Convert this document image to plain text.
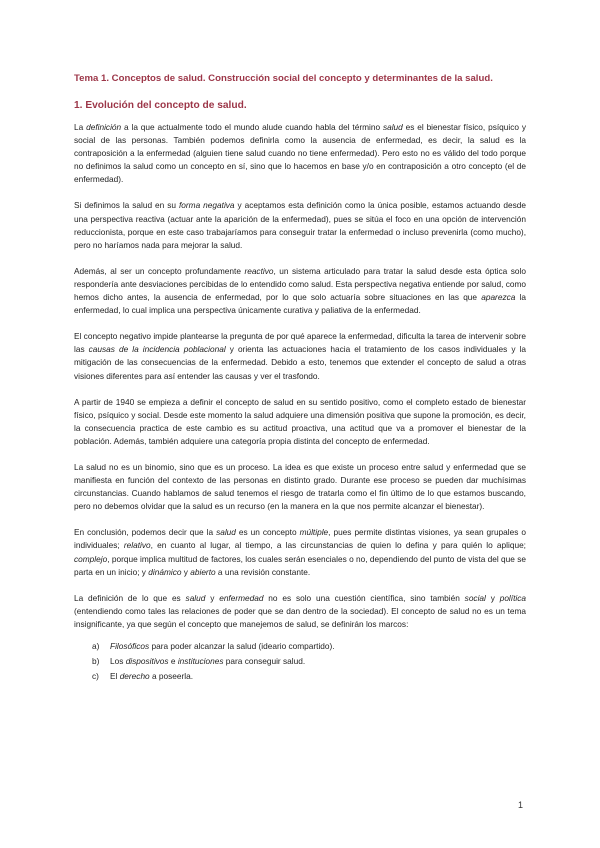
Tema 1. Conceptos de salud. Construcción social del concepto y determinantes de la salud.
1. Evolución del concepto de salud.

La definición a la que actualmente todo el mundo alude cuando habla del término salud es el bienestar físico, psíquico y social de las personas. También podemos definirla como la ausencia de enfermedad, es decir, la salud es la contraposición a la enfermedad (alguien tiene salud cuando no tiene enfermedad). Pero esto no es válido del todo porque no definimos la salud como un concepto en sí, sino que lo hacemos en base y/o en contraposición a otro concepto (el de enfermedad).

Si definimos la salud en su forma negativa y aceptamos esta definición como la única posible, estamos actuando desde una perspectiva reactiva (actuar ante la aparición de la enfermedad), pues se sitúa el foco en una opción de intervención reduccionista, porque en este caso trabajaríamos para conseguir tratar la enfermedad o incluso prevenirla (como mucho), pero no haríamos nada para mejorar la salud.

Además, al ser un concepto profundamente reactivo, un sistema articulado para tratar la salud desde esta óptica solo respondería ante desviaciones percibidas de lo entendido como salud. Esta perspectiva negativa entiende por salud, como hemos dicho antes, la ausencia de enfermedad, por lo que solo actuaría sobre situaciones en las que aparezca la enfermedad, lo cual implica una perspectiva únicamente curativa y paliativa de la enfermedad.

El concepto negativo impide plantearse la pregunta de por qué aparece la enfermedad, dificulta la tarea de intervenir sobre las causas de la incidencia poblacional y orienta las actuaciones hacia el tratamiento de los casos individuales y la mitigación de las consecuencias de la enfermedad. Debido a esto, tenemos que extender el concepto de salud a otras visiones diferentes para así entender las causas y ver el trasfondo.

A partir de 1940 se empieza a definir el concepto de salud en su sentido positivo, como el completo estado de bienestar físico, psíquico y social. Desde este momento la salud adquiere una dimensión positiva que supone la promoción, es decir, la consecuencia practica de este cambio es su actitud proactiva, una actitud que va a promover el bienestar de la población. Además, también adquiere una categoría propia distinta del concepto de enfermedad.

La salud no es un binomio, sino que es un proceso. La idea es que existe un proceso entre salud y enfermedad que se manifiesta en función del contexto de las personas en distinto grado. Durante ese proceso se pueden dar muchísimas circunstancias. Cuando hablamos de salud tenemos el riesgo de tratarla como el fin último de lo que estamos buscando, pero no debemos olvidar que la salud es un recurso (en la manera en la que nos permite alcanzar el bienestar).

En conclusión, podemos decir que la salud es un concepto múltiple, pues permite distintas visiones, ya sean grupales o individuales; relativo, en cuanto al lugar, al tiempo, a las circunstancias de quien lo defina y para quién lo aplique; complejo, porque implica multitud de factores, los cuales serán esenciales o no, dependiendo del punto de vista del que se parta en un inicio; y dinámico y abierto a una revisión constante.

La definición de lo que es salud y enfermedad no es solo una cuestión científica, sino también social y política (entendiendo como tales las relaciones de poder que se dan dentro de la sociedad). El concepto de salud no es un tema insignificante, ya que según el concepto que manejemos de salud, se definirán los marcos:

a)	Filosóficos para poder alcanzar la salud (ideario compartido).
b)	Los dispositivos e instituciones para conseguir salud.
c)	El derecho a poseerla.
1
